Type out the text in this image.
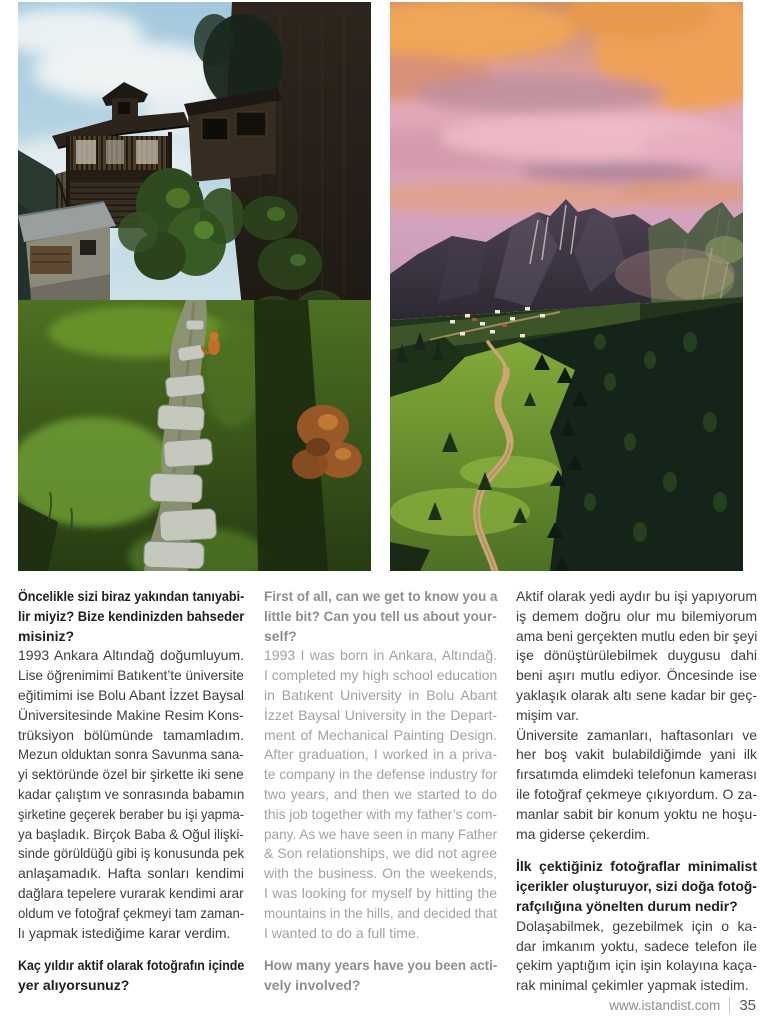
Öncelikle sizi biraz yakından tanıyabi-
lir miyiz? Bize kendinizden bahseder
misiniz?
1993 Ankara Altındağ doğumluyum.
Lise öğrenimimi Batıkent’te üniversite
eğitimimi ise Bolu Abant İzzet Baysal
Üniversitesinde Makine Resim Kons-
trüksiyon bölümünde tamamladım.
Mezun olduktan sonra Savunma sana-
yi sektöründe özel bir şirkette iki sene
kadar çalıştım ve sonrasında babamın
şirketine geçerek beraber bu işi yapma-
ya başladık. Birçok Baba & Oğul ilişki-
sinde görüldüğü gibi iş konusunda pek
anlaşamadık. Hafta sonları kendimi
dağlara tepelere vurarak kendimi arar
oldum ve fotoğraf çekmeyi tam zaman-
lı yapmak istediğime karar verdim.
Kaç yıldır aktif olarak fotoğrafın içinde
yer alıyorsunuz?
First of all, can we get to know you a
little bit? Can you tell us about your-
self?
1993 I was born in Ankara, Altındağ.
I completed my high school education
in Batıkent University in Bolu Abant
İzzet Baysal University in the Depart-
ment of Mechanical Painting Design.
After graduation, I worked in a priva-
te company in the defense industry for
two years, and then we started to do
this job together with my father’s com-
pany. As we have seen in many Father
& Son relationships, we did not agree
with the business. On the weekends,
I was looking for myself by hitting the
mountains in the hills, and decided that
I wanted to do a full time.
How many years have you been acti-
vely involved?
Aktif olarak yedi aydır bu işi yapıyorum
iş demem doğru olur mu bilemiyorum
ama beni gerçekten mutlu eden bir şeyi
işe dönüştürülebilmek duygusu dahi
beni aşırı mutlu ediyor. Öncesinde ise
yaklaşık olarak altı sene kadar bir geç-
mişim var.
Üniversite zamanları, haftasonları ve
her boş vakit bulabildiğimde yani ilk
fırsatımda elimdeki telefonun kamerası
ile fotoğraf çekmeye çıkıyordum. O za-
manlar sabit bir konum yoktu ne hoşu-
ma giderse çekerdim.
İlk çektiğiniz fotoğraflar minimalist
içerikler oluşturuyor, sizi doğa fotoğ-
rafçılığına yönelten durum nedir?
Dolaşabilmek, gezebilmek için o ka-
dar imkanım yoktu, sadece telefon ile
çekim yaptığım için işin kolayına kaça-
rak minimal çekimler yapmak istedim.
www.istandist.com 35
